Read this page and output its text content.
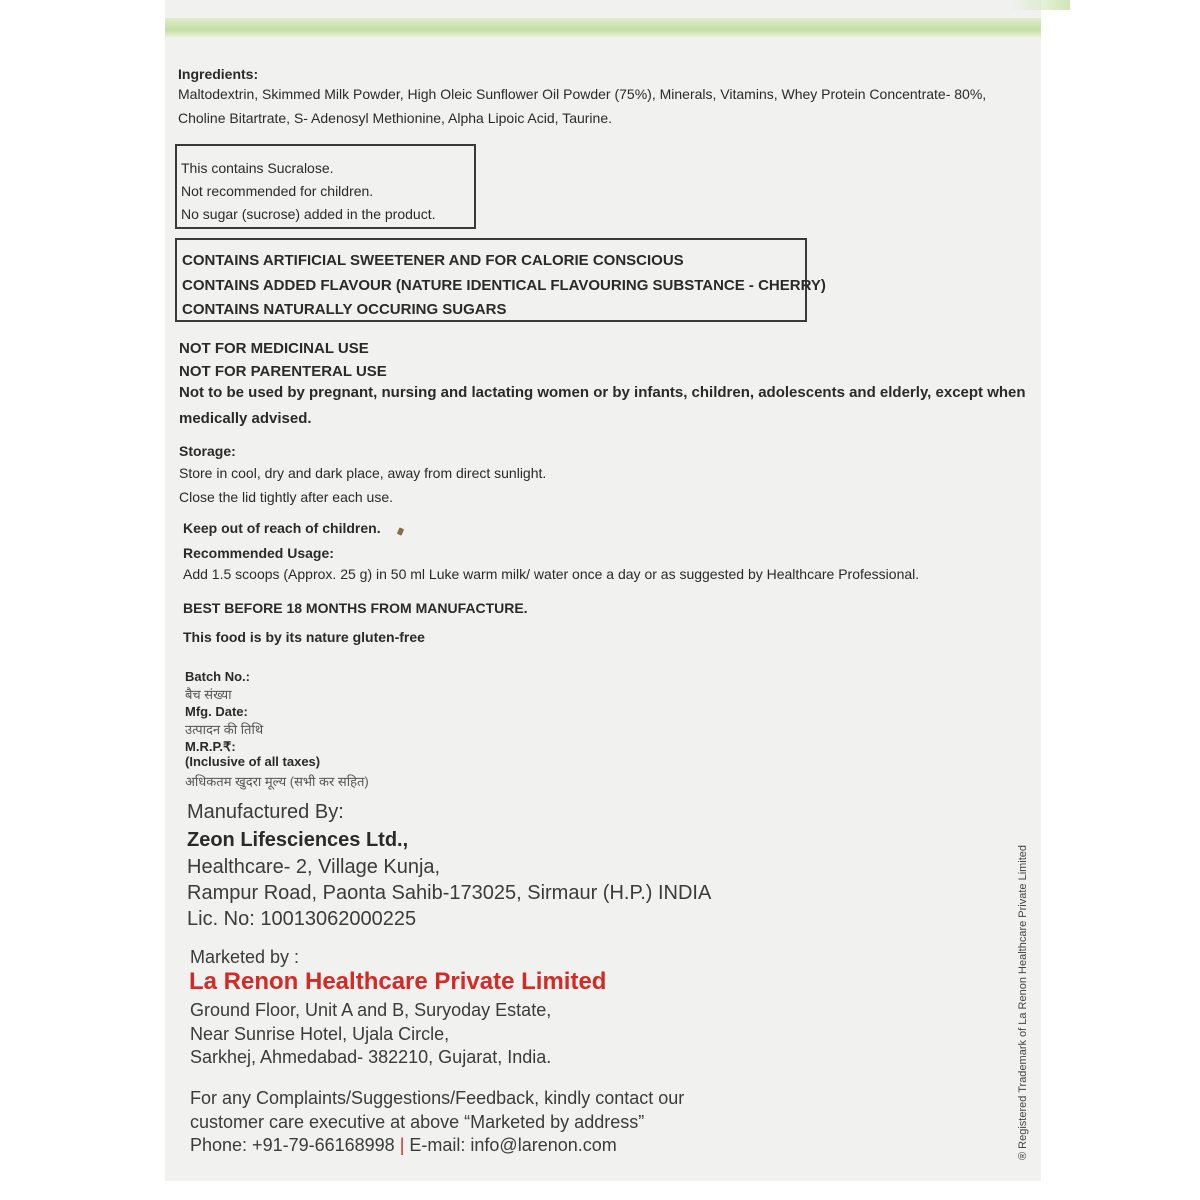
Ingredients:
Maltodextrin, Skimmed Milk Powder, High Oleic Sunflower Oil Powder (75%), Minerals, Vitamins, Whey Protein Concentrate- 80%,
Choline Bitartrate, S- Adenosyl Methionine, Alpha Lipoic Acid, Taurine.
This contains Sucralose.
Not recommended for children.
No sugar (sucrose) added in the product.
CONTAINS ARTIFICIAL SWEETENER AND FOR CALORIE CONSCIOUS
CONTAINS ADDED FLAVOUR (NATURE IDENTICAL FLAVOURING SUBSTANCE - CHERRY)
CONTAINS NATURALLY OCCURING SUGARS
NOT FOR MEDICINAL USE
NOT FOR PARENTERAL USE
Not to be used by pregnant, nursing and lactating women or by infants, children, adolescents and elderly, except when
medically advised.
Storage:
Store in cool, dry and dark place, away from direct sunlight.
Close the lid tightly after each use.
Keep out of reach of children.
Recommended Usage:
Add 1.5 scoops (Approx. 25 g) in 50 ml Luke warm milk/ water once a day or as suggested by Healthcare Professional.
BEST BEFORE 18 MONTHS FROM MANUFACTURE.
This food is by its nature gluten-free
Batch No.:
बैच संख्या
Mfg. Date:
उत्पादन की तिथि
M.R.P.₹:
(Inclusive of all taxes)
अधिकतम खुदरा मूल्य (सभी कर सहित)
Manufactured By:
Zeon Lifesciences Ltd.,
Healthcare- 2, Village Kunja,
Rampur Road, Paonta Sahib-173025, Sirmaur (H.P.) INDIA
Lic. No: 10013062000225
Marketed by :
La Renon Healthcare Private Limited
Ground Floor, Unit A and B, Suryoday Estate,
Near Sunrise Hotel, Ujala Circle,
Sarkhej, Ahmedabad- 382210, Gujarat, India.
For any Complaints/Suggestions/Feedback, kindly contact our
customer care executive at above “Marketed by address”
Phone: +91-79-66168998 | E-mail: info@larenon.com	® Registered Trademark of La Renon Healthcare Private Limited
